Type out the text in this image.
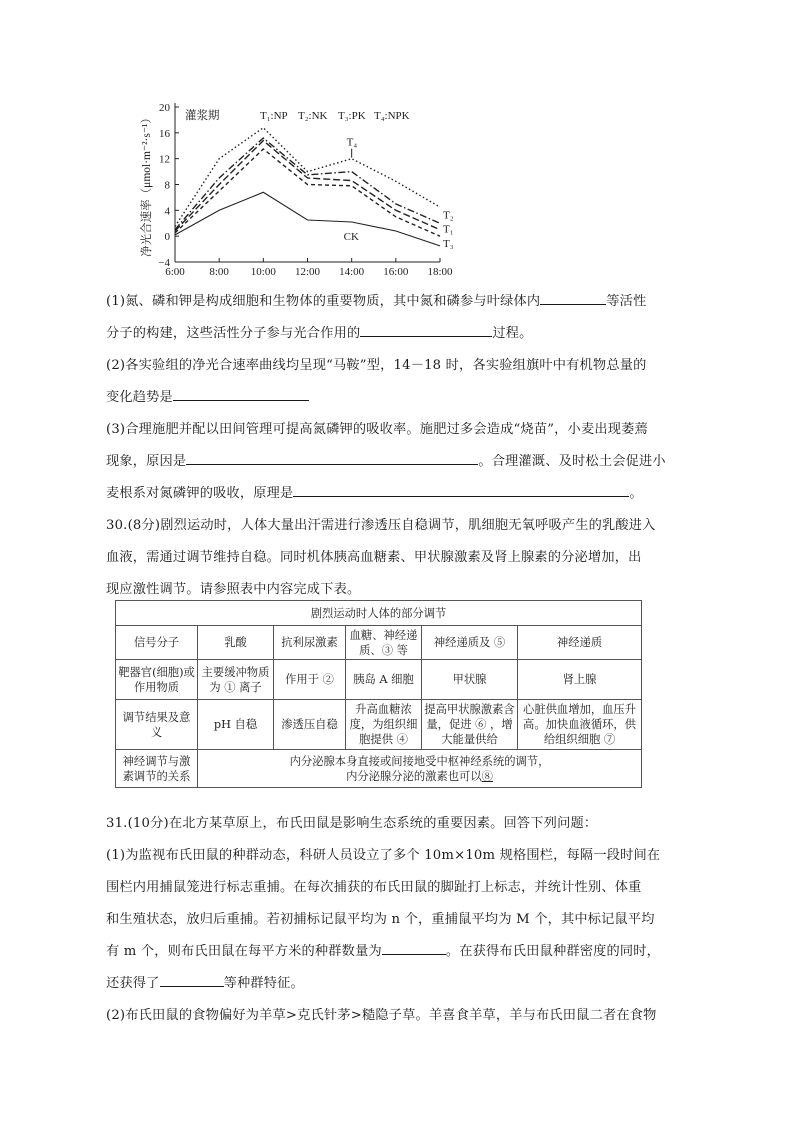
20
16
12
8
4
0
−4
6:00 8:00 10:00 12:00 14:00 16:00 18:00
净光合速率（μmol·m⁻²·s⁻¹）	灌浆期	T₁:NP T₂:NK T₃:PK T₄:NPK
T₄
T₂
T₁
T₃
CK
(1)氮、磷和钾是构成细胞和生物体的重要物质，其中氮和磷参与叶绿体内	等活性
分子的构建，这些活性分子参与光合作用的	过程。
(2)各实验组的净光合速率曲线均呈现“马鞍”型，14－18 时，各实验组旗叶中有机物总量的
变化趋势是
(3)合理施肥并配以田间管理可提高氮磷钾的吸收率。施肥过多会造成“烧苗”，小麦出现萎蔫
现象，原因是	。合理灌溉、及时松土会促进小
麦根系对氮磷钾的吸收，原理是	。
30.(8分)剧烈运动时，人体大量出汗需进行渗透压自稳调节，肌细胞无氧呼吸产生的乳酸进入
血液，需通过调节维持自稳。同时机体胰高血糖素、甲状腺激素及肾上腺素的分泌增加，出
现应激性调节。请参照表中内容完成下表。
剧烈运动时人体的部分调节					
信号分子	乳酸	抗利尿激素	血糖、神经递质、③ 等	神经递质及 ⑤	神经递质
靶器官(细胞)或作用物质	主要缓冲物质为 ① 离子	作用于 ②	胰岛 A 细胞	甲状腺	肾上腺
调节结果及意义	pH 自稳	渗透压自稳	升高血糖浓度，为组织细胞提供 ④	提高甲状腺激素含量，促进 ⑥ ，增大能量供给	心脏供血增加，血压升高。加快血液循环，供给组织细胞 ⑦
神经调节与激素调节的关系	内分泌腺本身直接或间接地受中枢神经系统的调节，
内分泌腺分泌的激素也可以⑧				
31.(10分)在北方某草原上，布氏田鼠是影响生态系统的重要因素。回答下列问题：
(1)为监视布氏田鼠的种群动态，科研人员设立了多个 10m×10m 规格围栏，每隔一段时间在
围栏内用捕鼠笼进行标志重捕。在每次捕获的布氏田鼠的脚趾打上标志，并统计性别、体重
和生殖状态，放归后重捕。若初捕标记鼠平均为 n 个，重捕鼠平均为 M 个，其中标记鼠平均
有 m 个，则布氏田鼠在每平方米的种群数量为	。在获得布氏田鼠种群密度的同时，
还获得了	等种群特征。
(2)布氏田鼠的食物偏好为羊草>克氏针茅>糙隐子草。羊喜食羊草，羊与布氏田鼠二者在食物
